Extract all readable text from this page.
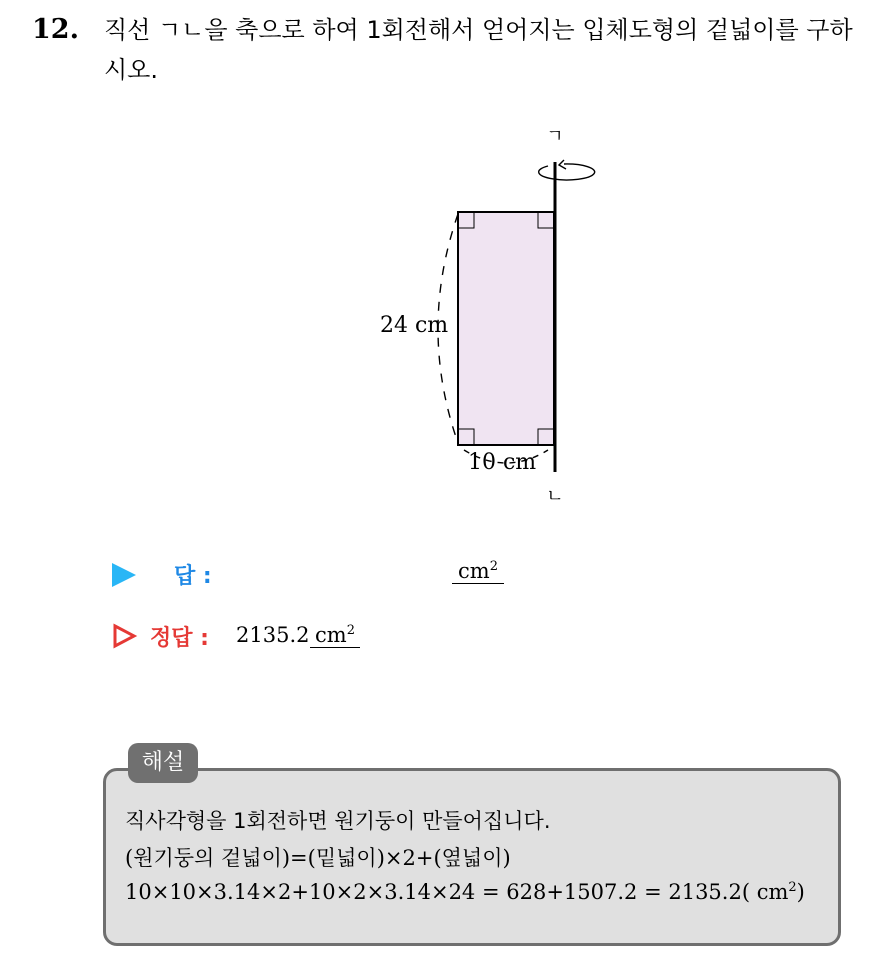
12. 직선 ㄱㄴ을 축으로 하여 1회전해서 얻어지는 입체도형의 겉넓이를 구하시오.
ㄱ
ㄴ
24 cm
10 cm
답 :	$cm^2$
정답 : 2135.2 $cm^2$
해설
직사각형을 1회전하면 원기둥이 만들어집니다.
(원기둥의 겉넓이)=(밑넓이)×2+(옆넓이)
10×10×3.14×2+10×2×3.14×24 = 628+1507.2 = 2135.2( $cm^2$)
